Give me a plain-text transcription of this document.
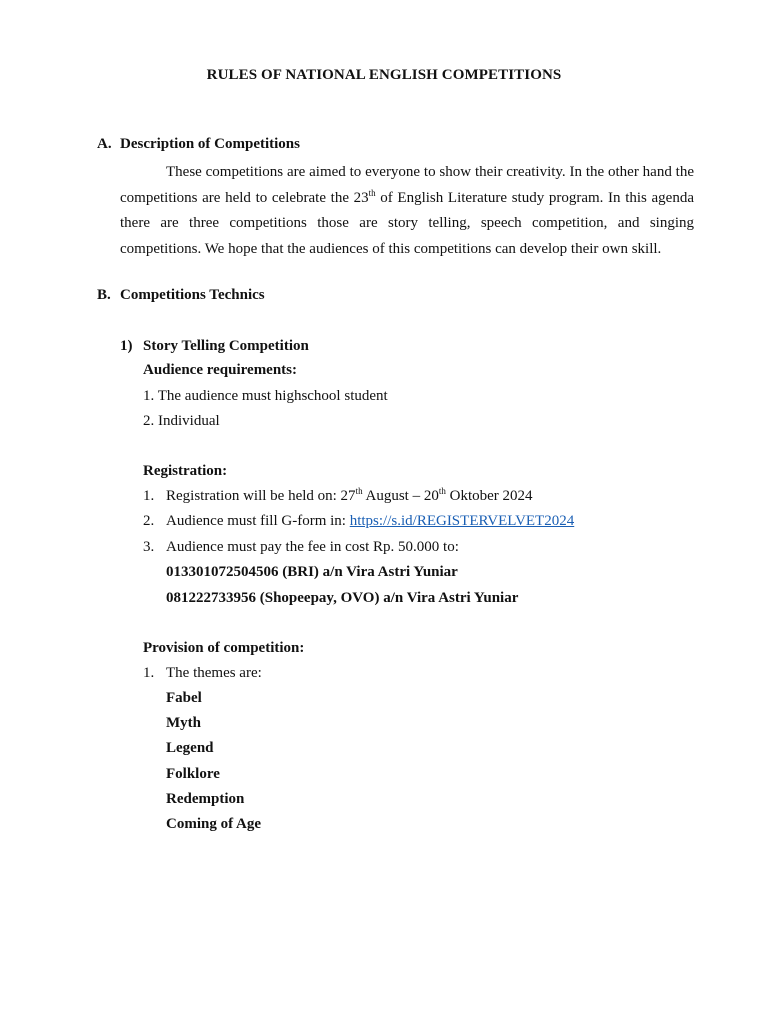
RULES OF NATIONAL ENGLISH COMPETITIONS
A. Description of Competitions
These competitions are aimed to everyone to show their creativity. In the other hand the competitions are held to celebrate the 23th of English Literature study program. In this agenda there are three competitions those are story telling, speech competition, and singing competitions. We hope that the audiences of this competitions can develop their own skill.
B. Competitions Technics
1) Story Telling Competition
Audience requirements:
1. The audience must highschool student
2. Individual
Registration:
1. Registration will be held on: 27th August – 20th Oktober 2024
2. Audience must fill G-form in: https://s.id/REGISTERVELVET2024
3. Audience must pay the fee in cost Rp. 50.000 to:
013301072504506 (BRI) a/n Vira Astri Yuniar
081222733956 (Shopeepay, OVO) a/n Vira Astri Yuniar
Provision of competition:
1. The themes are:
Fabel
Myth
Legend
Folklore
Redemption
Coming of Age
